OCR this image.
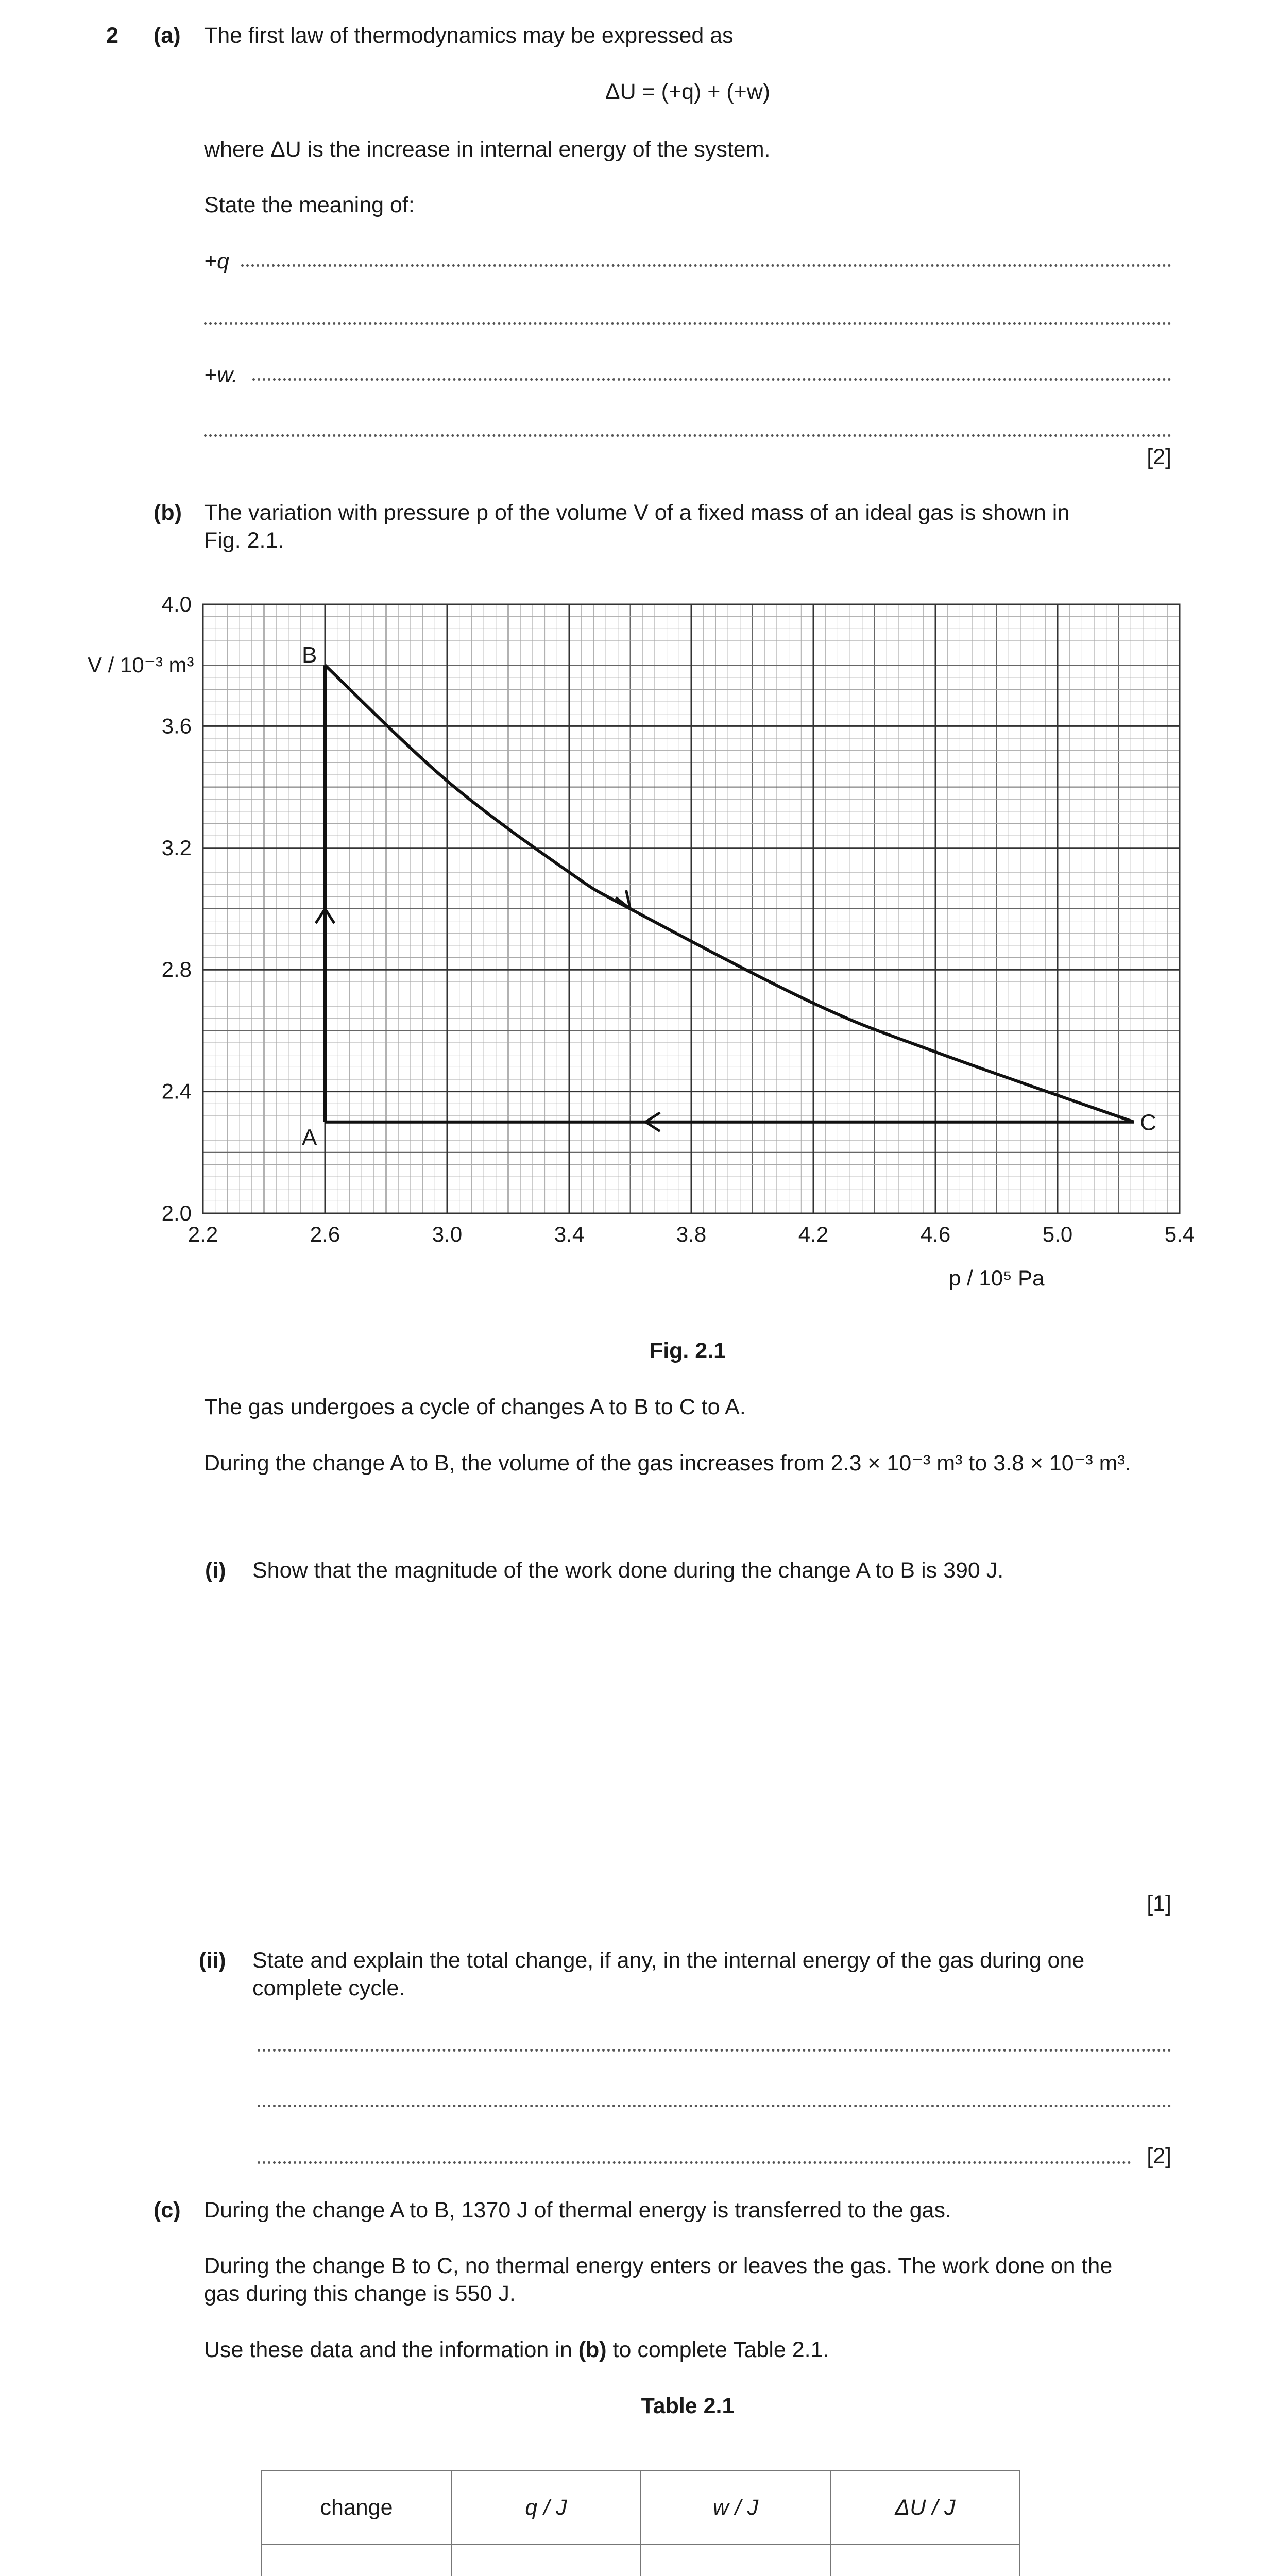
2 (a) The first law of thermodynamics may be expressed as
ΔU = (+q) + (+w)
where ΔU is the increase in internal energy of the system.
State the meaning of:
+q
+w.
[2]
(b) The variation with pressure p of the volume V of a fixed mass of an ideal gas is shown in
Fig. 2.1.
B
A
C
2.2	2.6	3.0	3.4	3.8	4.2	4.6	5.0	5.4
2.0
2.4
2.8
3.2
3.6
4.0
V / 10⁻³ m³
p / 10⁵ Pa
Fig. 2.1
The gas undergoes a cycle of changes A to B to C to A.
During the change A to B, the volume of the gas increases from 2.3 × 10⁻³ m³ to 3.8 × 10⁻³ m³.
(i) Show that the magnitude of the work done during the change A to B is 390 J.
[1]
(ii) State and explain the total change, if any, in the internal energy of the gas during one
complete cycle.
[2]
(c) During the change A to B, 1370 J of thermal energy is transferred to the gas.
During the change B to C, no thermal energy enters or leaves the gas. The work done on the
gas during this change is 550 J.
Use these data and the information in (b) to complete Table 2.1.
Table 2.1
change	q / J	w / J	ΔU / J
